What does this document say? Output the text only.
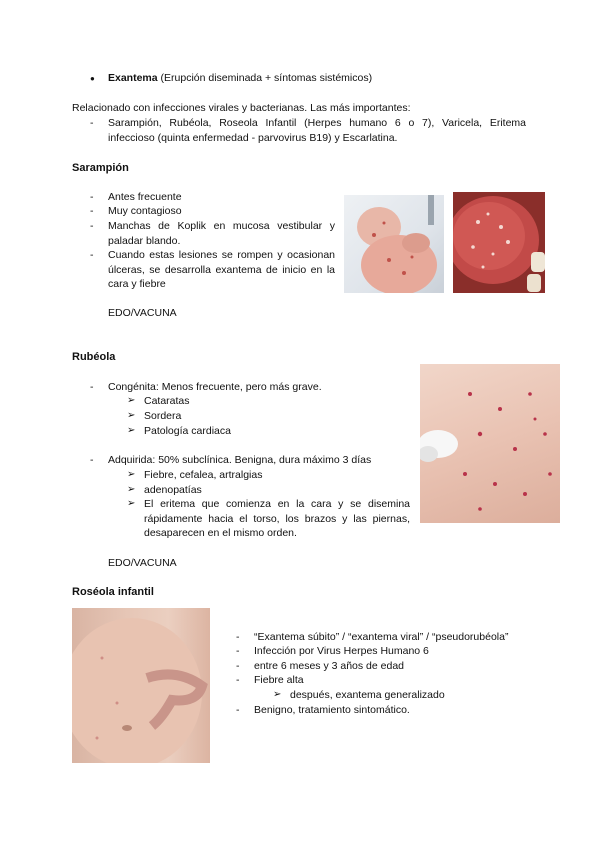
● Exantema (Erupción diseminada + síntomas sistémicos)
Relacionado con infecciones virales y bacterianas. Las más importantes:
- Sarampión, Rubéola, Roseola Infantil (Herpes humano 6 o 7), Varicela, Eritema infeccioso (quinta enfermedad - parvovirus B19) y Escarlatina.
Sarampión
- Antes frecuente
- Muy contagioso
- Manchas de Koplik en mucosa vestibular y paladar blando.
- Cuando estas lesiones se rompen y ocasionan úlceras, se desarrolla exantema de inicio en la cara y fiebre
EDO/VACUNA
Rubéola
- Congénita: Menos frecuente, pero más grave.
➢ Cataratas
➢ Sordera
➢ Patología cardiaca
- Adquirida: 50% subclínica. Benigna, dura máximo 3 días
➢ Fiebre, cefalea, artralgias
➢ adenopatías
➢ El eritema que comienza en la cara y se disemina rápidamente hacia el torso, los brazos y las piernas, desaparecen en el mismo orden.
EDO/VACUNA
Roséola infantil
- “Exantema súbito” / “exantema viral” / “pseudorubéola”
- Infección por Virus Herpes Humano 6
- entre 6 meses y 3 años de edad
- Fiebre alta
➢ después, exantema generalizado
- Benigno, tratamiento sintomático.
